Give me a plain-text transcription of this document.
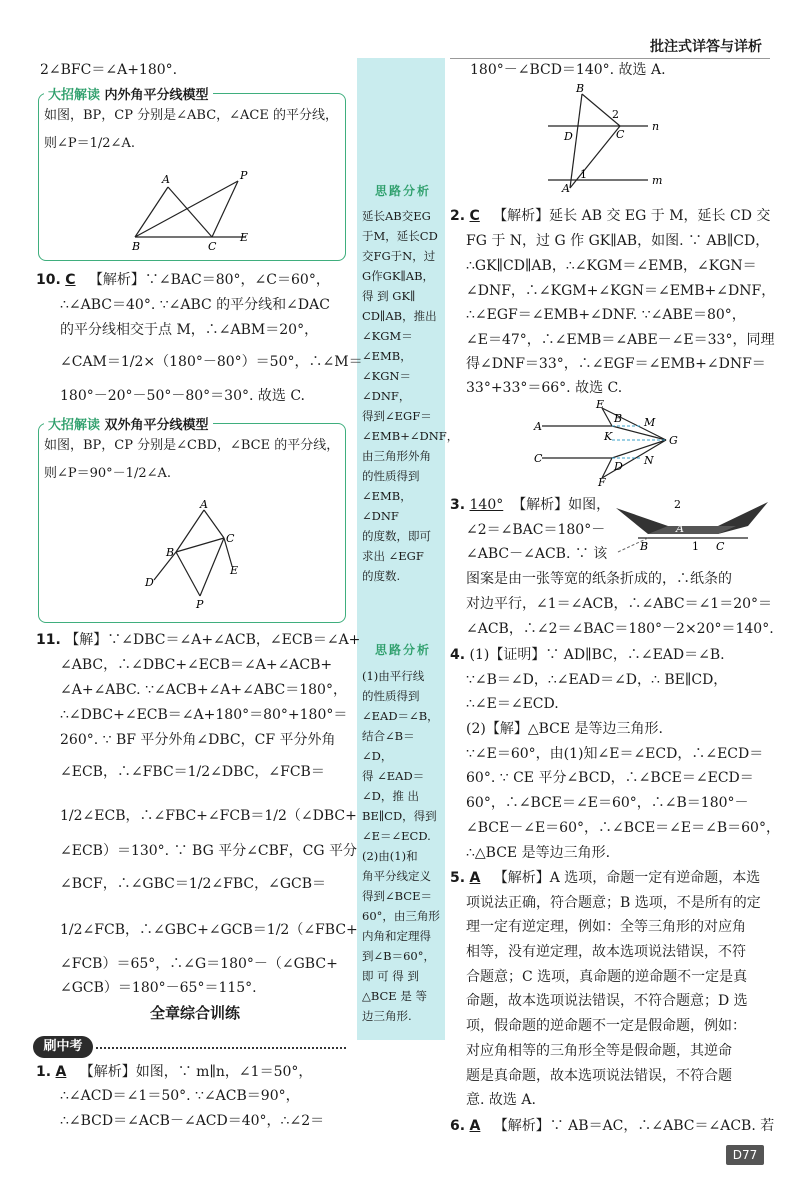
批注式详答与详析
思路分析
思路分析
延长AB交EG
于M，延长CD
交FG于N，过
G作GK∥AB，
得 到 GK∥
CD∥AB，推出
∠KGM＝∠EMB，
∠KGN＝∠DNF，
得到∠EGF＝
∠EMB+∠DNF，
由三角形外角
的性质得到
∠EMB，∠DNF
的度数，即可
求出 ∠EGF
的度数.
(1)由平行线
的性质得到
∠EAD＝∠B，
结合∠B＝∠D，
得 ∠EAD＝
∠D，推 出
BE∥CD，得到
∠E＝∠ECD.
(2)由(1)和
角平分线定义
得到∠BCE＝
60°，由三角形
内角和定理得
到∠B＝60°，
即 可 得 到
△BCE 是 等
边三角形.
2∠BFC＝∠A+180°.
大招解读 内外角平分线模型
如图，BP，CP 分别是∠ABC，∠ACE 的平分线，
则∠P＝1/2∠A.
A	P
B	C
E
10. C 【解析】∵∠BAC＝80°，∠C＝60°，
∴∠ABC＝40°. ∵∠ABC 的平分线和∠DAC
的平分线相交于点 M，∴∠ABM＝20°，
∠CAM＝1/2×（180°－80°）＝50°，∴∠M＝
180°－20°－50°－80°＝30°. 故选 C.
大招解读 双外角平分线模型
如图，BP，CP 分别是∠CBD，∠BCE 的平分线，
则∠P＝90°－1/2∠A.
A
B
C
D
E
P
11. 【解】∵∠DBC＝∠A+∠ACB，∠ECB＝∠A+
∠ABC，∴∠DBC+∠ECB＝∠A+∠ACB+
∠A+∠ABC. ∵∠ACB+∠A+∠ABC＝180°，
∴∠DBC+∠ECB＝∠A+180°＝80°+180°＝
260°. ∵ BF 平分外角∠DBC，CF 平分外角
∠ECB，∴∠FBC＝1/2∠DBC，∠FCB＝
1/2∠ECB，∴∠FBC+∠FCB＝1/2（∠DBC+
∠ECB）＝130°. ∵ BG 平分∠CBF，CG 平分
∠BCF，∴∠GBC＝1/2∠FBC，∠GCB＝
1/2∠FCB，∴∠GBC+∠GCB＝1/2（∠FBC+
∠FCB）＝65°，∴∠G＝180°－（∠GBC+
∠GCB）＝180°－65°＝115°.
全章综合训练
刷中考
1. A 【解析】如图，∵ m∥n，∠1＝50°，
∴∠ACD＝∠1＝50°. ∵∠ACB＝90°，
∴∠BCD＝∠ACB－∠ACD＝40°，∴∠2＝
180°－∠BCD＝140°. 故选 A.
B
2
D	C
n
A
1	m
2. C 【解析】延长 AB 交 EG 于 M，延长 CD 交
FG 于 N，过 G 作 GK∥AB，如图. ∵ AB∥CD，
∴GK∥CD∥AB，∴∠KGM＝∠EMB，∠KGN＝
∠DNF，∴∠KGM+∠KGN＝∠EMB+∠DNF，
∴∠EGF＝∠EMB+∠DNF. ∵∠ABE＝80°，
∠E＝47°，∴∠EMB＝∠ABE－∠E＝33°，同理
得∠DNF＝33°，∴∠EGF＝∠EMB+∠DNF＝
33°+33°＝66°. 故选 C.
E
B M
A
K	G
C
D N
F
3. 140° 【解析】如图，
∠2＝∠BAC＝180°－
∠ABC－∠ACB. ∵ 该
图案是由一张等宽的纸条折成的，∴纸条的
对边平行，∠1＝∠ACB，∴∠ABC＝∠1＝20°＝
∠ACB，∴∠2＝∠BAC＝180°－2×20°＝140°.
2
A
B	1 C
4. (1)【证明】∵ AD∥BC，∴∠EAD＝∠B.
∵∠B＝∠D，∴∠EAD＝∠D，∴ BE∥CD，
∴∠E＝∠ECD.
(2)【解】△BCE 是等边三角形.
∵∠E＝60°，由(1)知∠E＝∠ECD，∴∠ECD＝
60°. ∵ CE 平分∠BCD，∴∠BCE＝∠ECD＝
60°，∴∠BCE＝∠E＝60°，∴∠B＝180°－
∠BCE－∠E＝60°，∴∠BCE＝∠E＝∠B＝60°，
∴△BCE 是等边三角形.
5. A 【解析】A 选项，命题一定有逆命题，本选
项说法正确，符合题意；B 选项，不是所有的定
理一定有逆定理，例如：全等三角形的对应角
相等，没有逆定理，故本选项说法错误，不符
合题意；C 选项，真命题的逆命题不一定是真
命题，故本选项说法错误，不符合题意；D 选
项，假命题的逆命题不一定是假命题，例如：
对应角相等的三角形全等是假命题，其逆命
题是真命题，故本选项说法错误，不符合题
意. 故选 A.
6. A 【解析】∵ AB＝AC，∴∠ABC＝∠ACB. 若
D77
